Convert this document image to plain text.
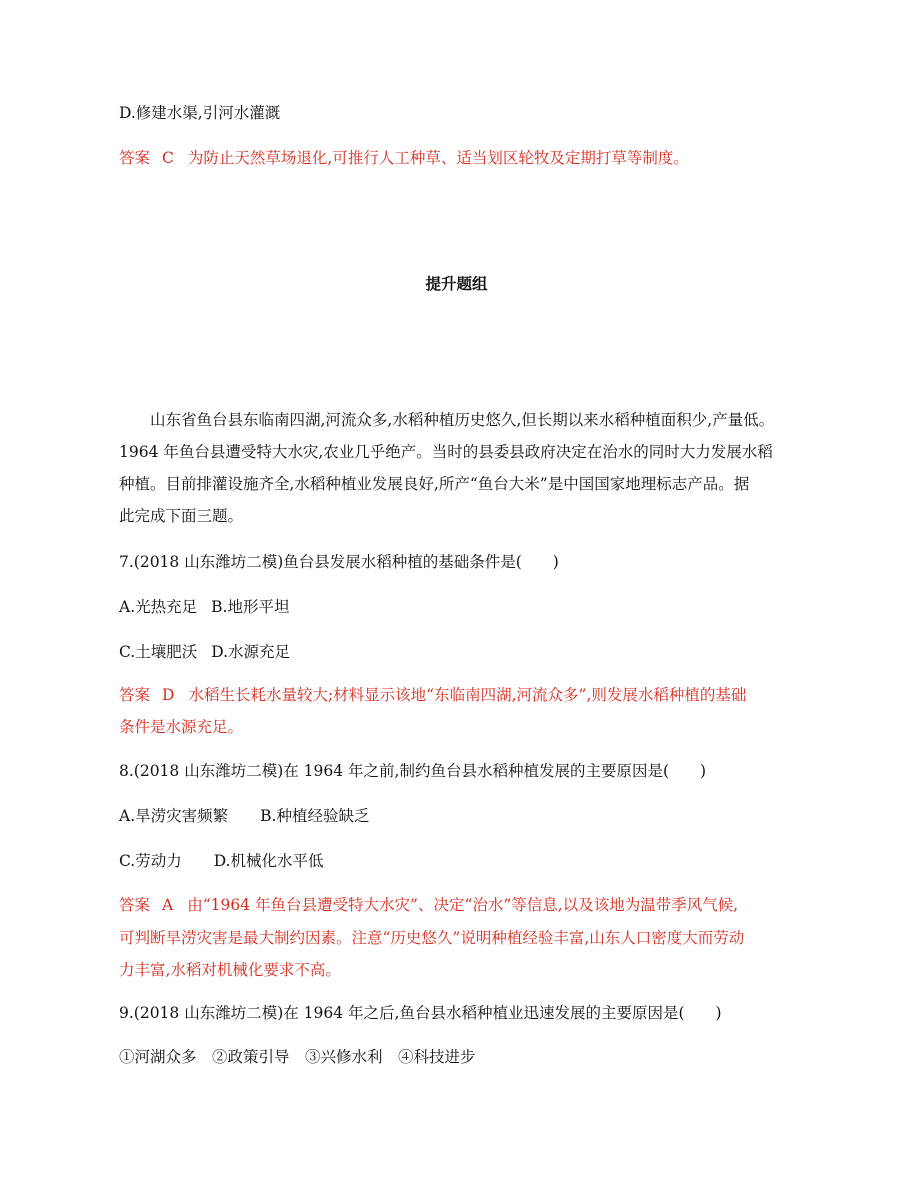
D.修建水渠,引河水灌溉

答案 C 为防止天然草场退化,可推行人工种草、适当划区轮牧及定期打草等制度。

提升题组
山东省鱼台县东临南四湖,河流众多,水稻种植历史悠久,但长期以来水稻种植面积少,产量低。
1964 年鱼台县遭受特大水灾,农业几乎绝产。当时的县委县政府决定在治水的同时大力发展水稻
种植。目前排灌设施齐全,水稻种植业发展良好,所产“鱼台大米”是中国国家地理标志产品。据
此完成下面三题。

7.(2018 山东潍坊二模)鱼台县发展水稻种植的基础条件是(　　)

A.光热充足 B.地形平坦

C.土壤肥沃 D.水源充足

答案 D 水稻生长耗水量较大;材料显示该地“东临南四湖,河流众多”,则发展水稻种植的基础

条件是水源充足。

8.(2018 山东潍坊二模)在 1964 年之前,制约鱼台县水稻种植发展的主要原因是(　　)

A.旱涝灾害频繁 B.种植经验缺乏

C.劳动力 D.机械化水平低

答案 A 由“1964 年鱼台县遭受特大水灾”、决定“治水”等信息,以及该地为温带季风气候,

可判断旱涝灾害是最大制约因素。注意“历史悠久”说明种植经验丰富,山东人口密度大而劳动

力丰富,水稻对机械化要求不高。

9.(2018 山东潍坊二模)在 1964 年之后,鱼台县水稻种植业迅速发展的主要原因是(　　)

①河湖众多　②政策引导　③兴修水利　④科技进步
